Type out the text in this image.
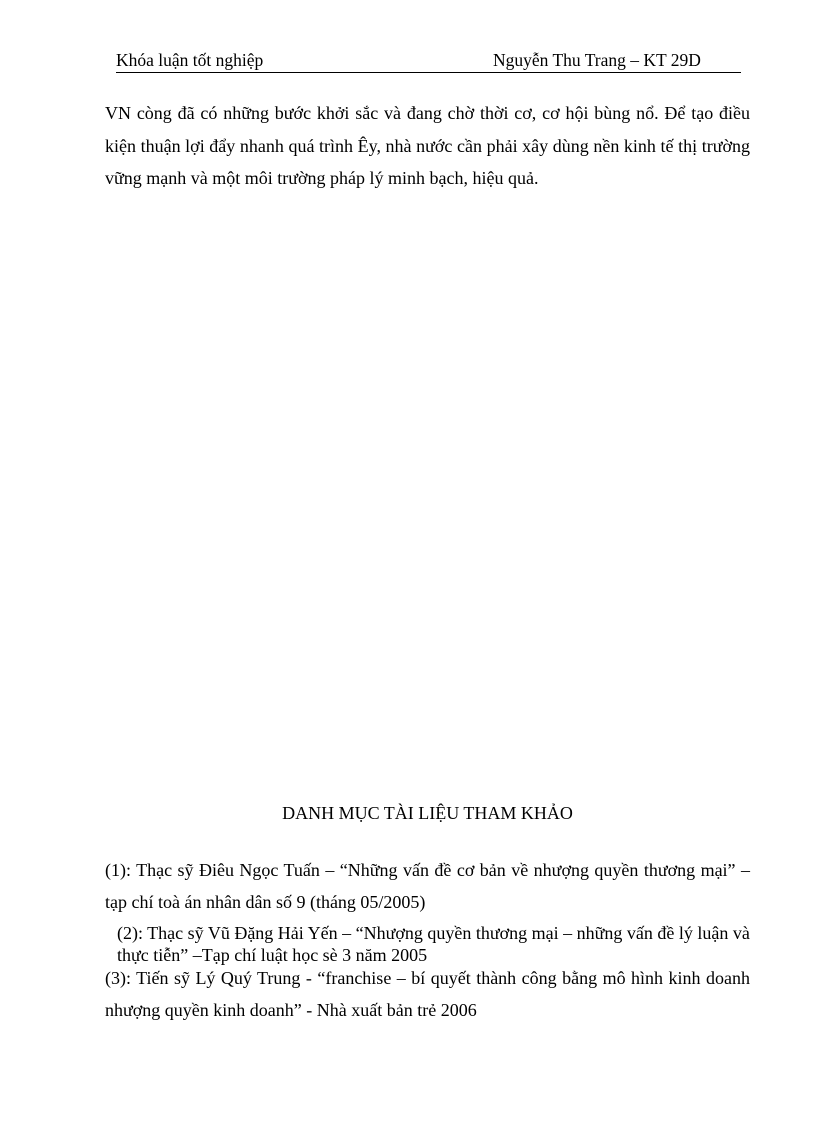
Khóa luận tốt nghiệp	Nguyễn Thu Trang – KT 29D

VN còng đã có những bước khởi sắc và đang chờ thời cơ, cơ hội bùng nổ. Để tạo điều kiện thuận lợi đẩy nhanh quá trình Êy, nhà nước cần phải xây dùng nền kinh tế thị trường vững mạnh và một môi trường pháp lý minh bạch, hiệu quả.

DANH MỤC TÀI LIỆU THAM KHẢO

(1): Thạc sỹ Điêu Ngọc Tuấn – “Những vấn đề cơ bản về nhượng quyền thương mại” – tạp chí toà án nhân dân số 9 (tháng 05/2005)

(2): Thạc sỹ Vũ Đặng Hải Yến – “Nhượng quyền thương mại – những vấn đề lý luận và thực tiễn” –Tạp chí luật học sè 3 năm 2005

(3): Tiến sỹ Lý Quý Trung - “franchise – bí quyết thành công bằng mô hình kinh doanh nhượng quyền kinh doanh” - Nhà xuất bản trẻ 2006
